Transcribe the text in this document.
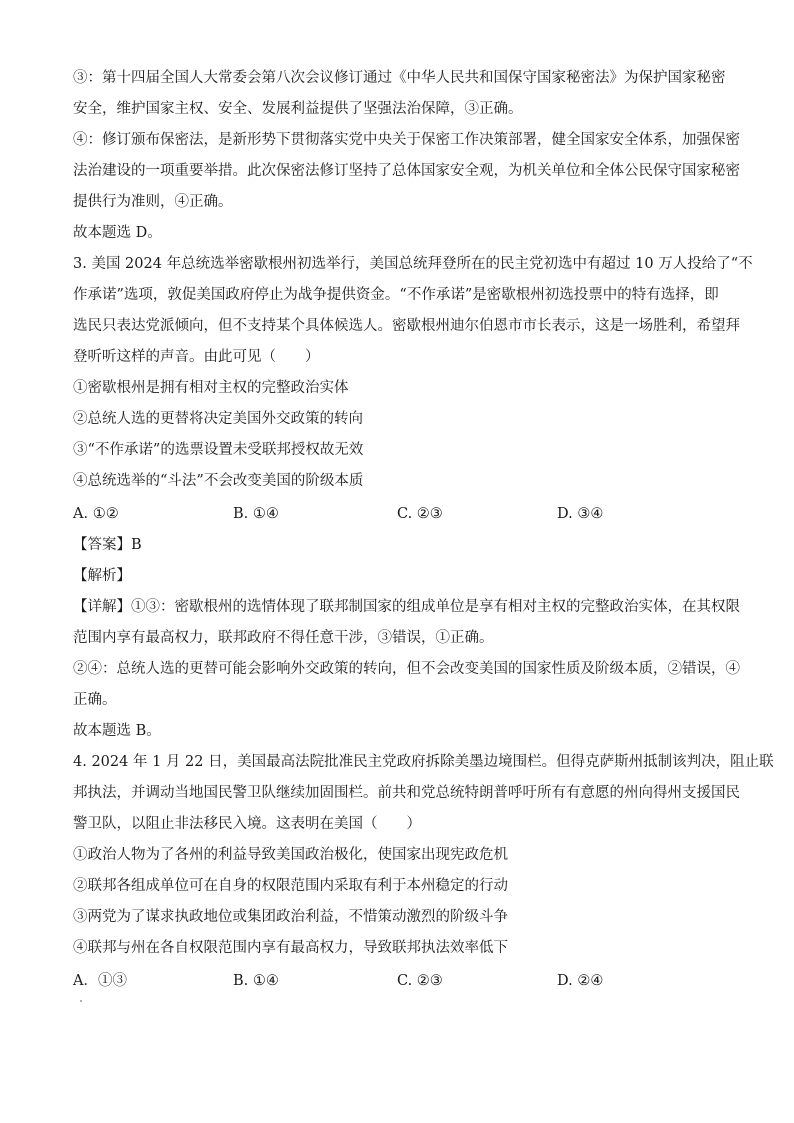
③：第十四届全国人大常委会第八次会议修订通过《中华人民共和国保守国家秘密法》为保护国家秘密
安全，维护国家主权、安全、发展利益提供了坚强法治保障，③正确。
④：修订颁布保密法，是新形势下贯彻落实党中央关于保密工作决策部署，健全国家安全体系，加强保密
法治建设的一项重要举措。此次保密法修订坚持了总体国家安全观，为机关单位和全体公民保守国家秘密
提供行为准则，④正确。
故本题选 D。
3. 美国 2024 年总统选举密歇根州初选举行，美国总统拜登所在的民主党初选中有超过 10 万人投给了“不
作承诺”选项，敦促美国政府停止为战争提供资金。“不作承诺”是密歇根州初选投票中的特有选择，即
选民只表达党派倾向，但不支持某个具体候选人。密歇根州迪尔伯恩市市长表示，这是一场胜利，希望拜
登听听这样的声音。由此可见（　　）
①密歇根州是拥有相对主权的完整政治实体
②总统人选的更替将决定美国外交政策的转向
③“不作承诺”的选票设置未受联邦授权故无效
④总统选举的“斗法”不会改变美国的阶级本质
A. ①②	B. ①④	C. ②③	D. ③④
【答案】B
【解析】
【详解】①③：密歇根州的选情体现了联邦制国家的组成单位是享有相对主权的完整政治实体，在其权限
范围内享有最高权力，联邦政府不得任意干涉，③错误，①正确。
②④：总统人选的更替可能会影响外交政策的转向，但不会改变美国的国家性质及阶级本质，②错误，④
正确。
故本题选 B。
4. 2024 年 1 月 22 日，美国最高法院批准民主党政府拆除美墨边境围栏。但得克萨斯州抵制该判决，阻止联
邦执法，并调动当地国民警卫队继续加固围栏。前共和党总统特朗普呼吁所有有意愿的州向得州支援国民
警卫队，以阻止非法移民入境。这表明在美国（　　）
①政治人物为了各州的利益导致美国政治极化，使国家出现宪政危机
②联邦各组成单位可在自身的权限范围内采取有利于本州稳定的行动
③两党为了谋求执政地位或集团政治利益，不惜策动激烈的阶级斗争
④联邦与州在各自权限范围内享有最高权力，导致联邦执法效率低下
A．①③	B. ①④	C. ②③	D. ②④
